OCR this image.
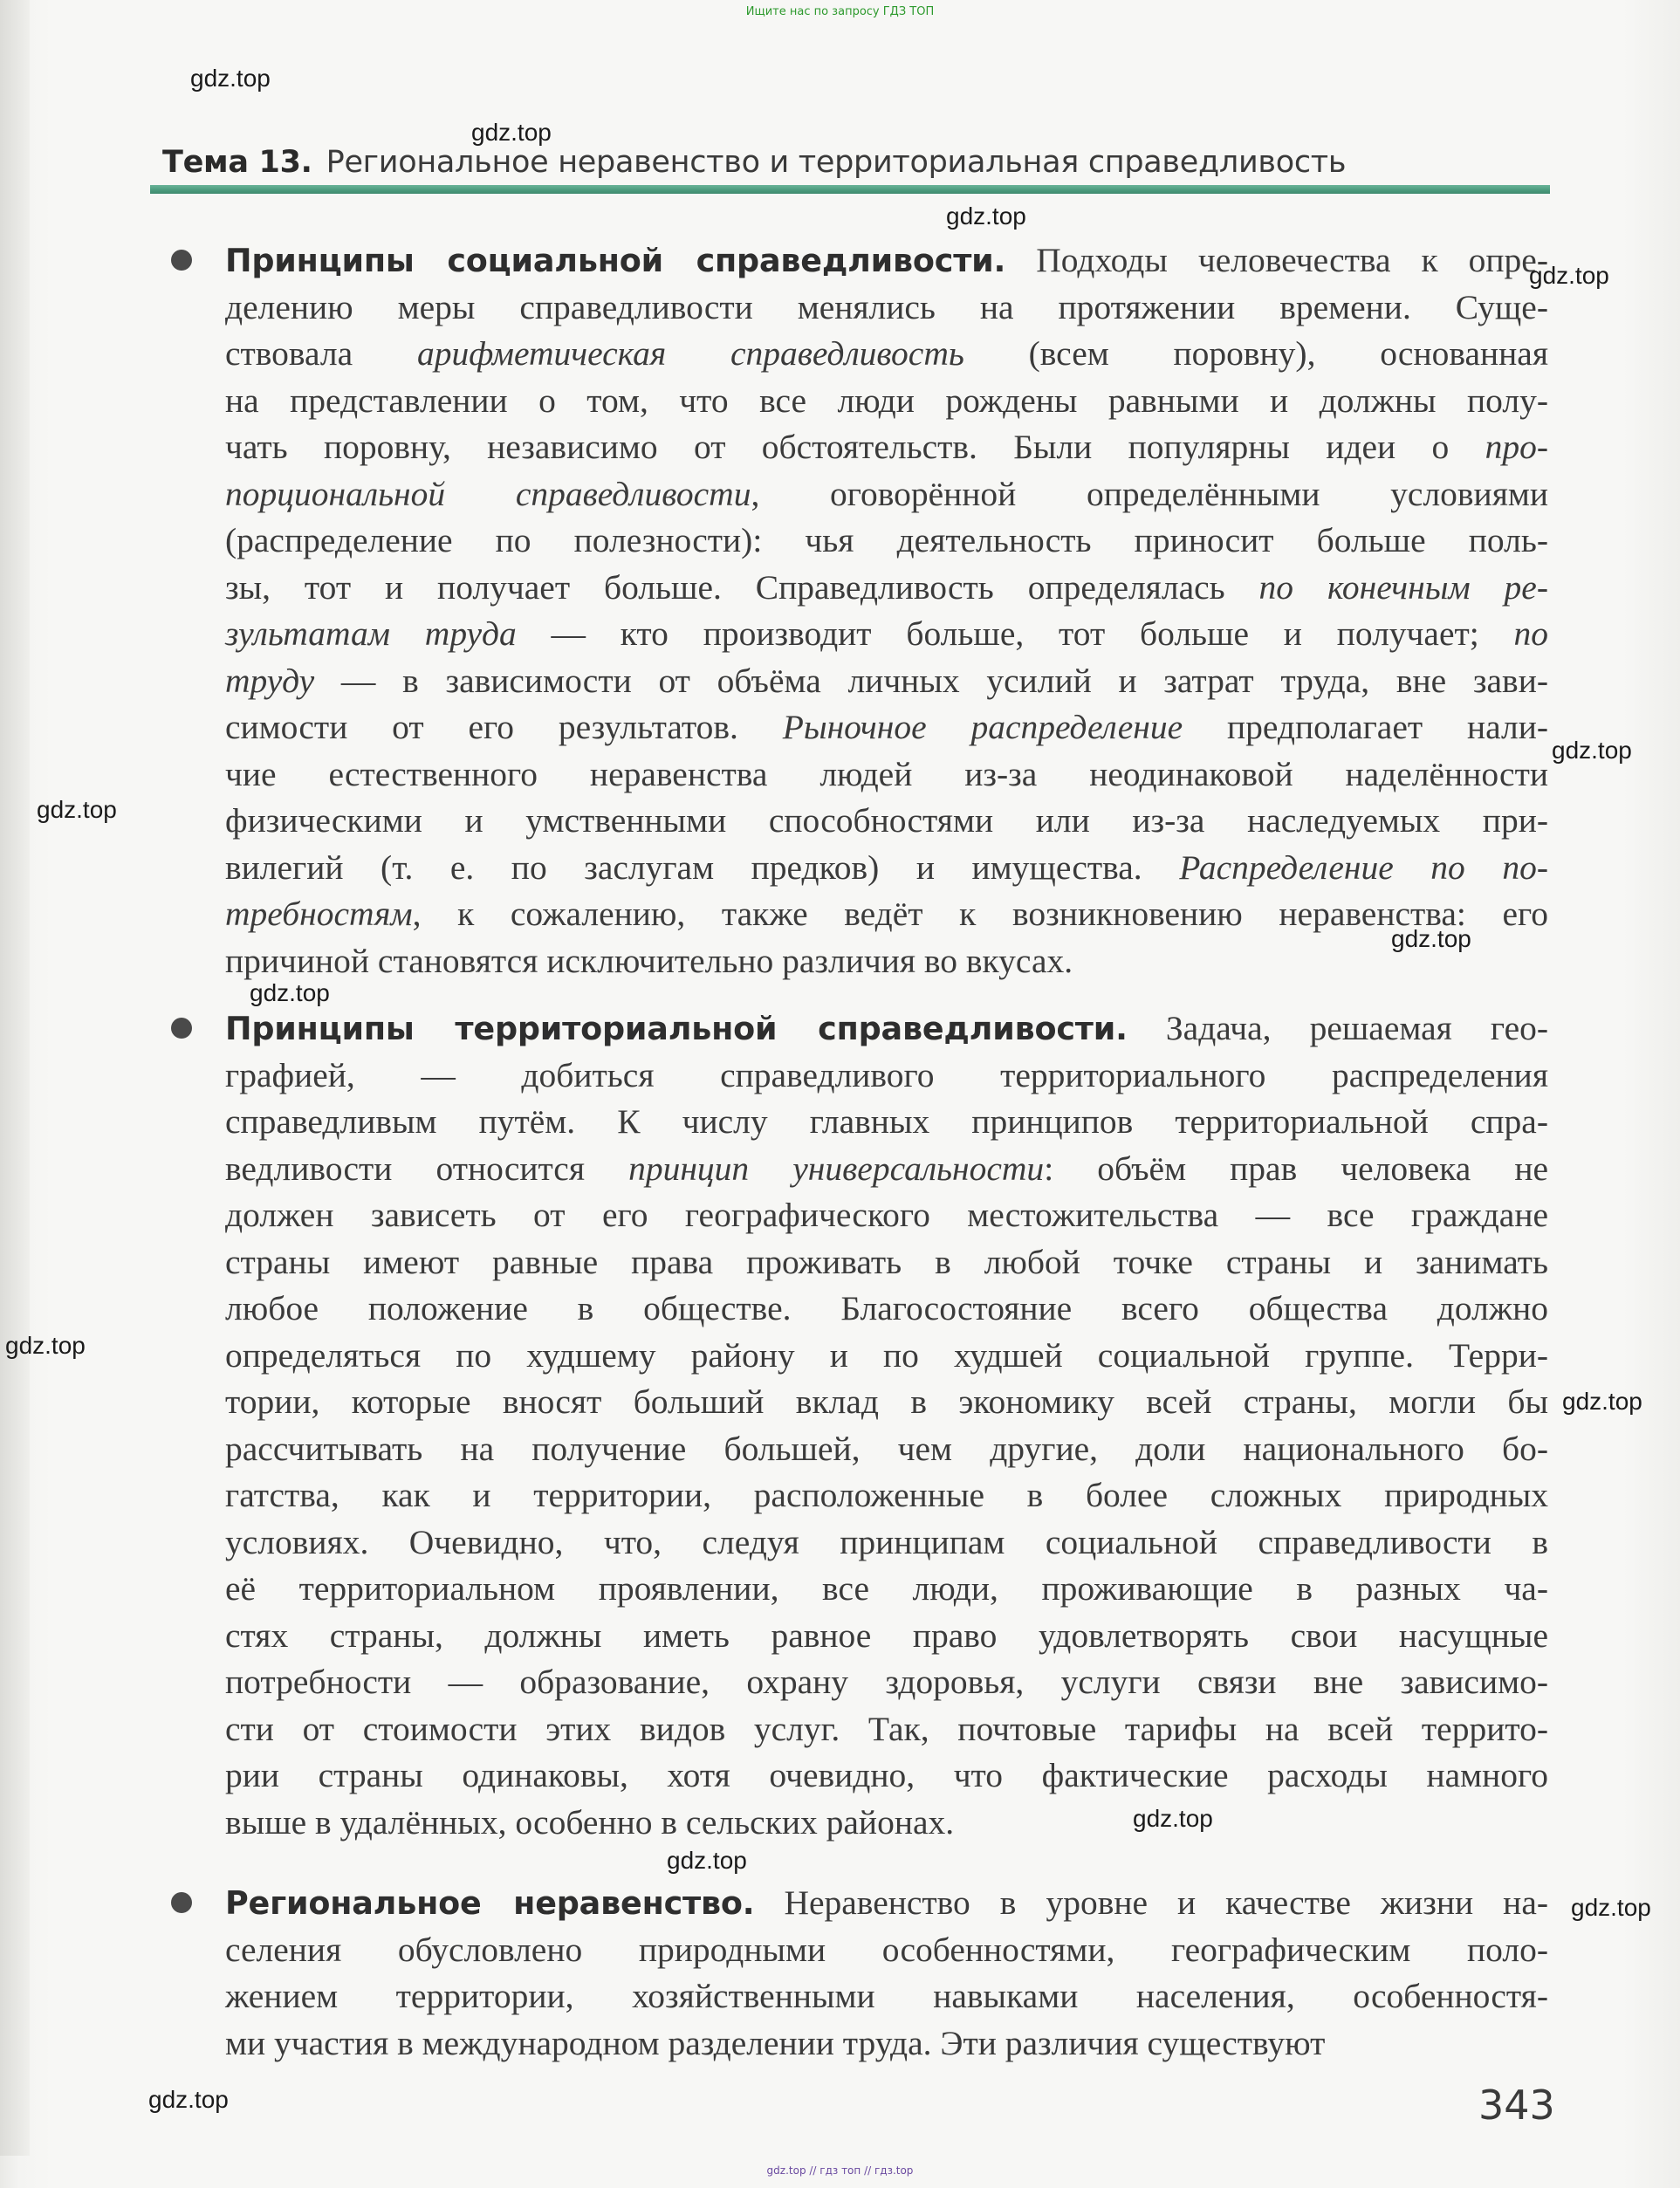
Ищите нас по запросу ГДЗ ТОП
gdz.top
gdz.top
gdz.top
gdz.top
gdz.top
gdz.top
gdz.top
gdz.top
gdz.top
gdz.top
gdz.top
gdz.top
gdz.top
gdz.top
Тема 13. Региональное неравенство и территориальная справедливость
Принципы социальной справедливости. Подходы человечества к опре-
делению меры справедливости менялись на протяжении времени. Суще-
ствовала арифметическая справедливость (всем поровну), основанная
на представлении о том, что все люди рождены равными и должны полу-
чать поровну, независимо от обстоятельств. Были популярны идеи о про-
порциональной справедливости, оговорённой определёнными условиями
(распределение по полезности): чья деятельность приносит больше поль-
зы, тот и получает больше. Справедливость определялась по конечным ре-
зультатам труда — кто производит больше, тот больше и получает; по
труду — в зависимости от объёма личных усилий и затрат труда, вне зави-
симости от его результатов. Рыночное распределение предполагает нали-
чие естественного неравенства людей из-за неодинаковой наделённости
физическими и умственными способностями или из-за наследуемых при-
вилегий (т. е. по заслугам предков) и имущества. Распределение по по-
требностям, к сожалению, также ведёт к возникновению неравенства: его
причиной становятся исключительно различия во вкусах.
Принципы территориальной справедливости. Задача, решаемая гео-
графией, — добиться справедливого территориального распределения
справедливым путём. К числу главных принципов территориальной спра-
ведливости относится принцип универсальности: объём прав человека не
должен зависеть от его географического местожительства — все граждане
страны имеют равные права проживать в любой точке страны и занимать
любое положение в обществе. Благосостояние всего общества должно
определяться по худшему району и по худшей социальной группе. Терри-
тории, которые вносят больший вклад в экономику всей страны, могли бы
рассчитывать на получение большей, чем другие, доли национального бо-
гатства, как и территории, расположенные в более сложных природных
условиях. Очевидно, что, следуя принципам социальной справедливости в
её территориальном проявлении, все люди, проживающие в разных ча-
стях страны, должны иметь равное право удовлетворять свои насущные
потребности — образование, охрану здоровья, услуги связи вне зависимо-
сти от стоимости этих видов услуг. Так, почтовые тарифы на всей террито-
рии страны одинаковы, хотя очевидно, что фактические расходы намного
выше в удалённых, особенно в сельских районах.
Региональное неравенство. Неравенство в уровне и качестве жизни на-
селения обусловлено природными особенностями, географическим поло-
жением территории, хозяйственными навыками населения, особенностя-
ми участия в международном разделении труда. Эти различия существуют
343
gdz.top // гдз топ // гдз.top
